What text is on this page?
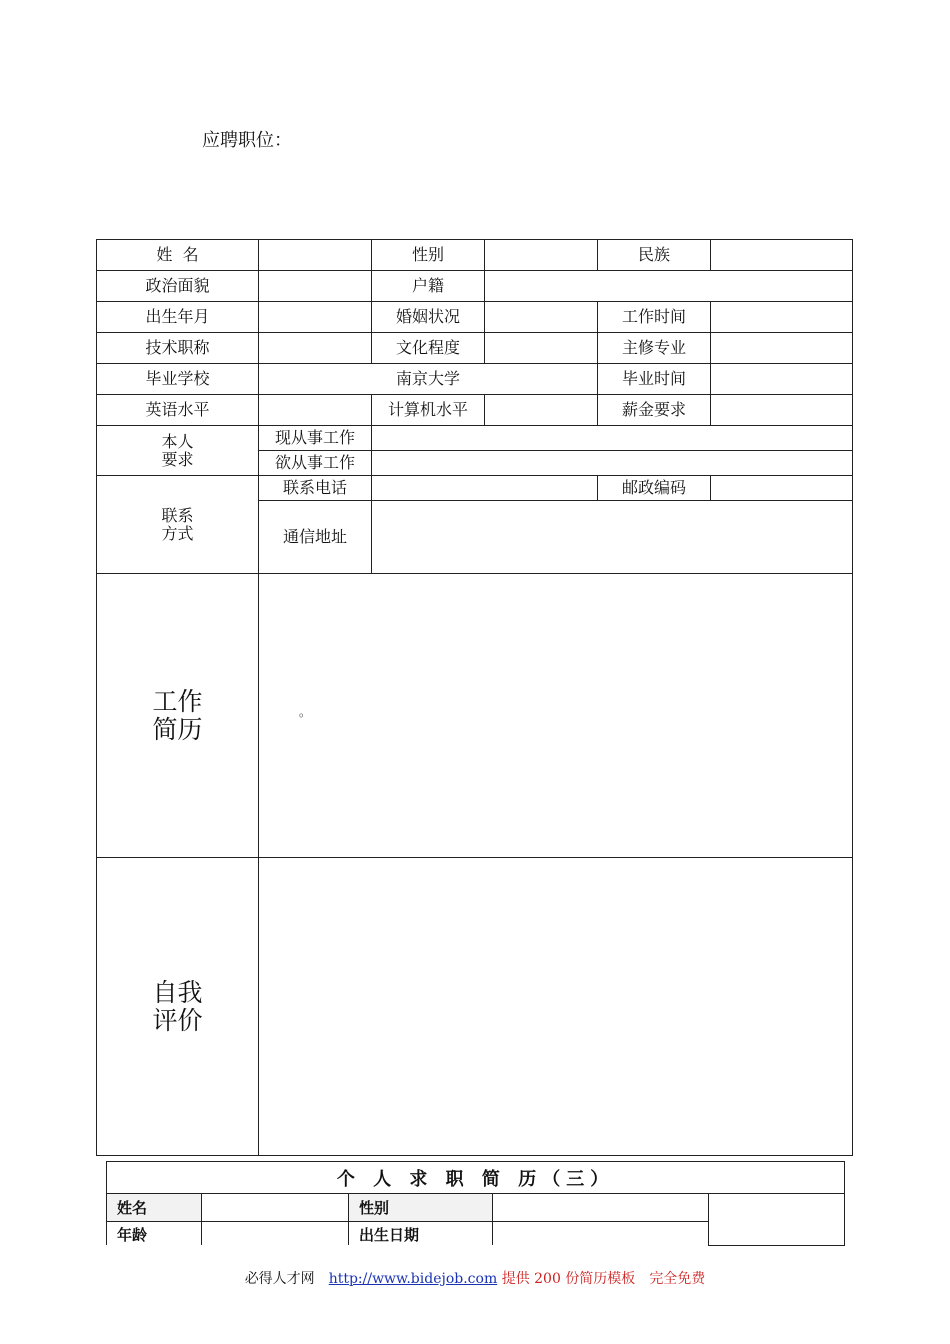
应聘职位：
姓  名		性别		民族	
政治面貌		户籍			
出生年月		婚姻状况		工作时间	
技术职称		文化程度		主修专业	
毕业学校	南京大学			毕业时间	
英语水平		计算机水平		薪金要求	

本人
要求	现从事工作				
	欲从事工作				

联系
方式	联系电话			邮政编码	
	通信地址				

工作
简历	。				

自我
评价					

个 人 求 职 简 历（三）				
姓名		性别		
年龄		出生日期		
必得人才网 http://www.bidejob.com 提供 200 份简历模板 完全免费
